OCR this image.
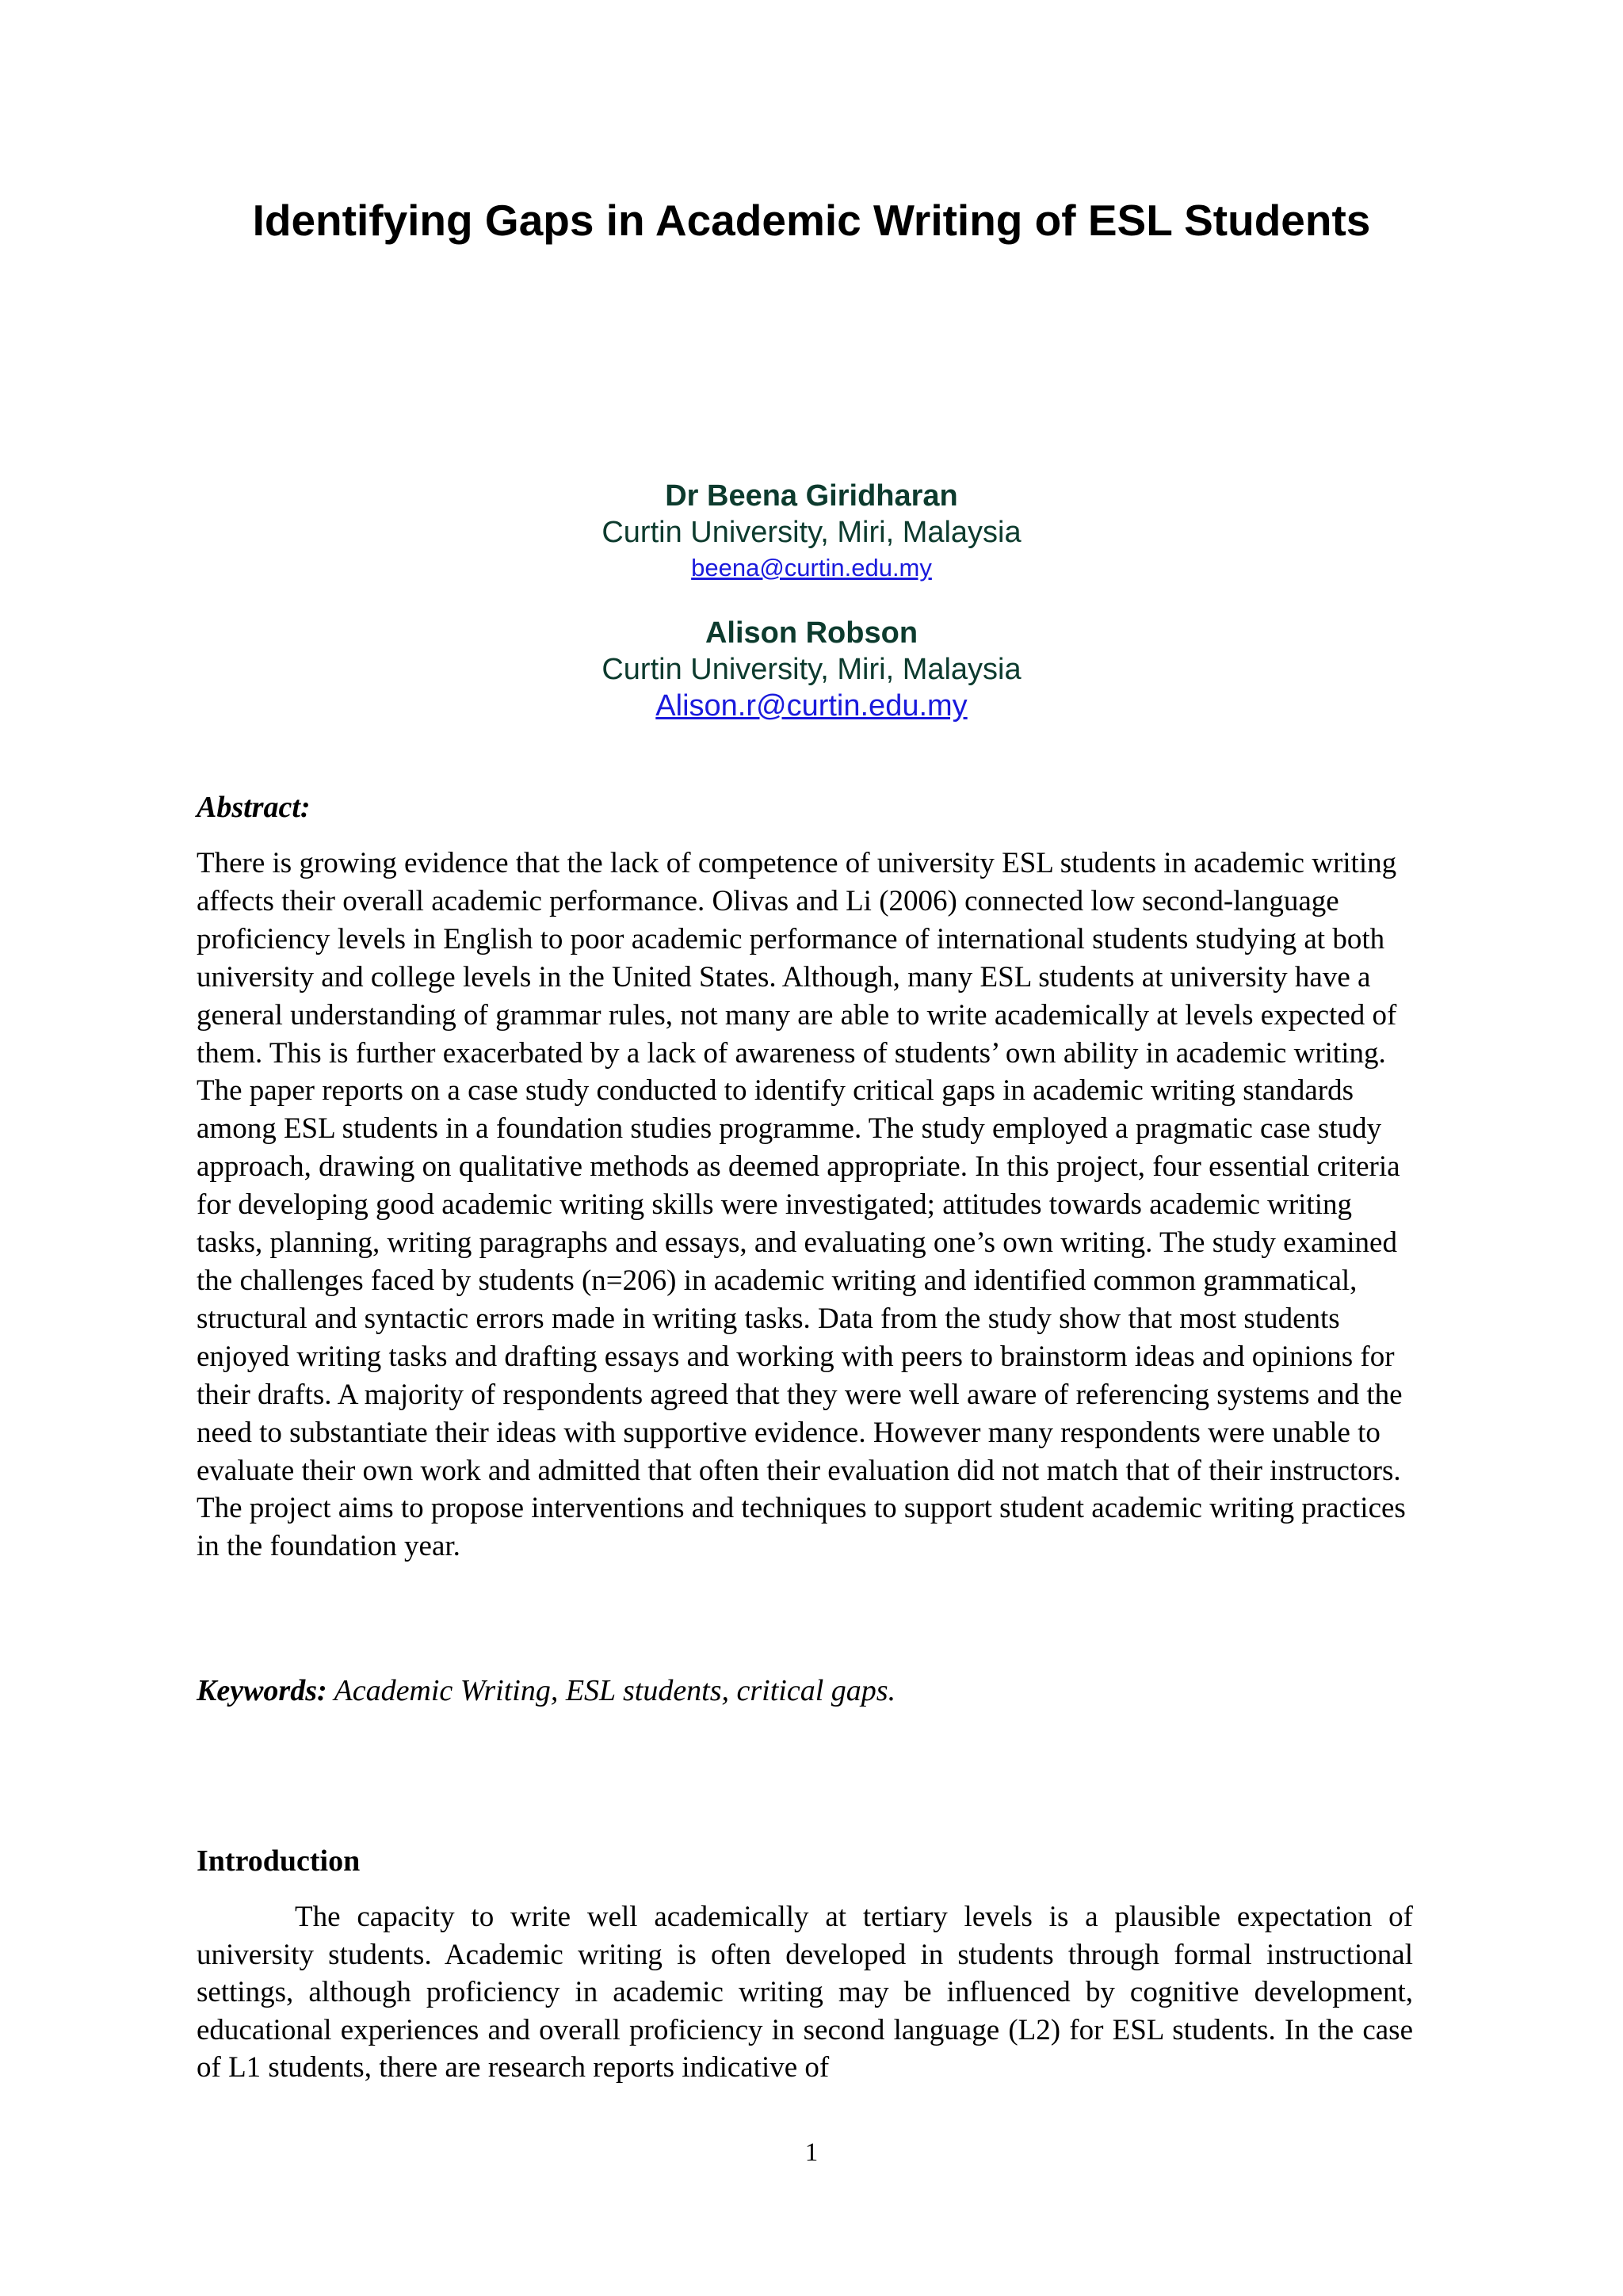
Identifying Gaps in Academic Writing of ESL Students
Dr Beena Giridharan
Curtin University, Miri, Malaysia
beena@curtin.edu.my
Alison Robson
Curtin University, Miri, Malaysia
Alison.r@curtin.edu.my

Abstract:

There is growing evidence that the lack of competence of university ESL students in academic writing affects their overall academic performance. Olivas and Li (2006) connected low second-language proficiency levels in English to poor academic performance of international students studying at both university and college levels in the United States. Although, many ESL students at university have a general understanding of grammar rules, not many are able to write academically at levels expected of them. This is further exacerbated by a lack of awareness of students’ own ability in academic writing. The paper reports on a case study conducted to identify critical gaps in academic writing standards among ESL students in a foundation studies programme. The study employed a pragmatic case study approach, drawing on qualitative methods as deemed appropriate. In this project, four essential criteria for developing good academic writing skills were investigated; attitudes towards academic writing tasks, planning, writing paragraphs and essays, and evaluating one’s own writing. The study examined the challenges faced by students (n=206) in academic writing and identified common grammatical, structural and syntactic errors made in writing tasks. Data from the study show that most students enjoyed writing tasks and drafting essays and working with peers to brainstorm ideas and opinions for their drafts. A majority of respondents agreed that they were well aware of referencing systems and the need to substantiate their ideas with supportive evidence. However many respondents were unable to evaluate their own work and admitted that often their evaluation did not match that of their instructors. The project aims to propose interventions and techniques to support student academic writing practices in the foundation year.

Keywords: Academic Writing, ESL students, critical gaps.

Introduction

The capacity to write well academically at tertiary levels is a plausible expectation of university students. Academic writing is often developed in students through formal instructional settings, although proficiency in academic writing may be influenced by cognitive development, educational experiences and overall proficiency in second language (L2) for ESL students. In the case of L1 students, there are research reports indicative of

1
